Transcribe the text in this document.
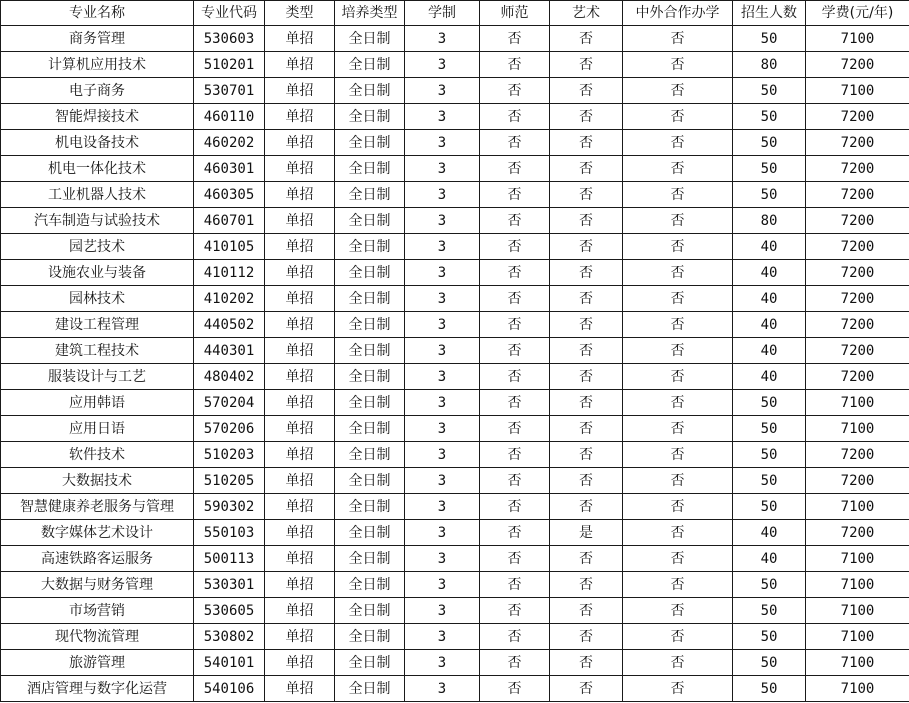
专业名称	专业代码	类型	培养类型	学制	师范	艺术	中外合作办学	招生人数	学费(元/年)
商务管理	530603	单招	全日制	3	否	否	否	50	7100
计算机应用技术	510201	单招	全日制	3	否	否	否	80	7200
电子商务	530701	单招	全日制	3	否	否	否	50	7100
智能焊接技术	460110	单招	全日制	3	否	否	否	50	7200
机电设备技术	460202	单招	全日制	3	否	否	否	50	7200
机电一体化技术	460301	单招	全日制	3	否	否	否	50	7200
工业机器人技术	460305	单招	全日制	3	否	否	否	50	7200
汽车制造与试验技术	460701	单招	全日制	3	否	否	否	80	7200
园艺技术	410105	单招	全日制	3	否	否	否	40	7200
设施农业与装备	410112	单招	全日制	3	否	否	否	40	7200
园林技术	410202	单招	全日制	3	否	否	否	40	7200
建设工程管理	440502	单招	全日制	3	否	否	否	40	7200
建筑工程技术	440301	单招	全日制	3	否	否	否	40	7200
服装设计与工艺	480402	单招	全日制	3	否	否	否	40	7200
应用韩语	570204	单招	全日制	3	否	否	否	50	7100
应用日语	570206	单招	全日制	3	否	否	否	50	7100
软件技术	510203	单招	全日制	3	否	否	否	50	7200
大数据技术	510205	单招	全日制	3	否	否	否	50	7200
智慧健康养老服务与管理	590302	单招	全日制	3	否	否	否	50	7100
数字媒体艺术设计	550103	单招	全日制	3	否	是	否	40	7200
高速铁路客运服务	500113	单招	全日制	3	否	否	否	40	7100
大数据与财务管理	530301	单招	全日制	3	否	否	否	50	7100
市场营销	530605	单招	全日制	3	否	否	否	50	7100
现代物流管理	530802	单招	全日制	3	否	否	否	50	7100
旅游管理	540101	单招	全日制	3	否	否	否	50	7100
酒店管理与数字化运营	540106	单招	全日制	3	否	否	否	50	7100
